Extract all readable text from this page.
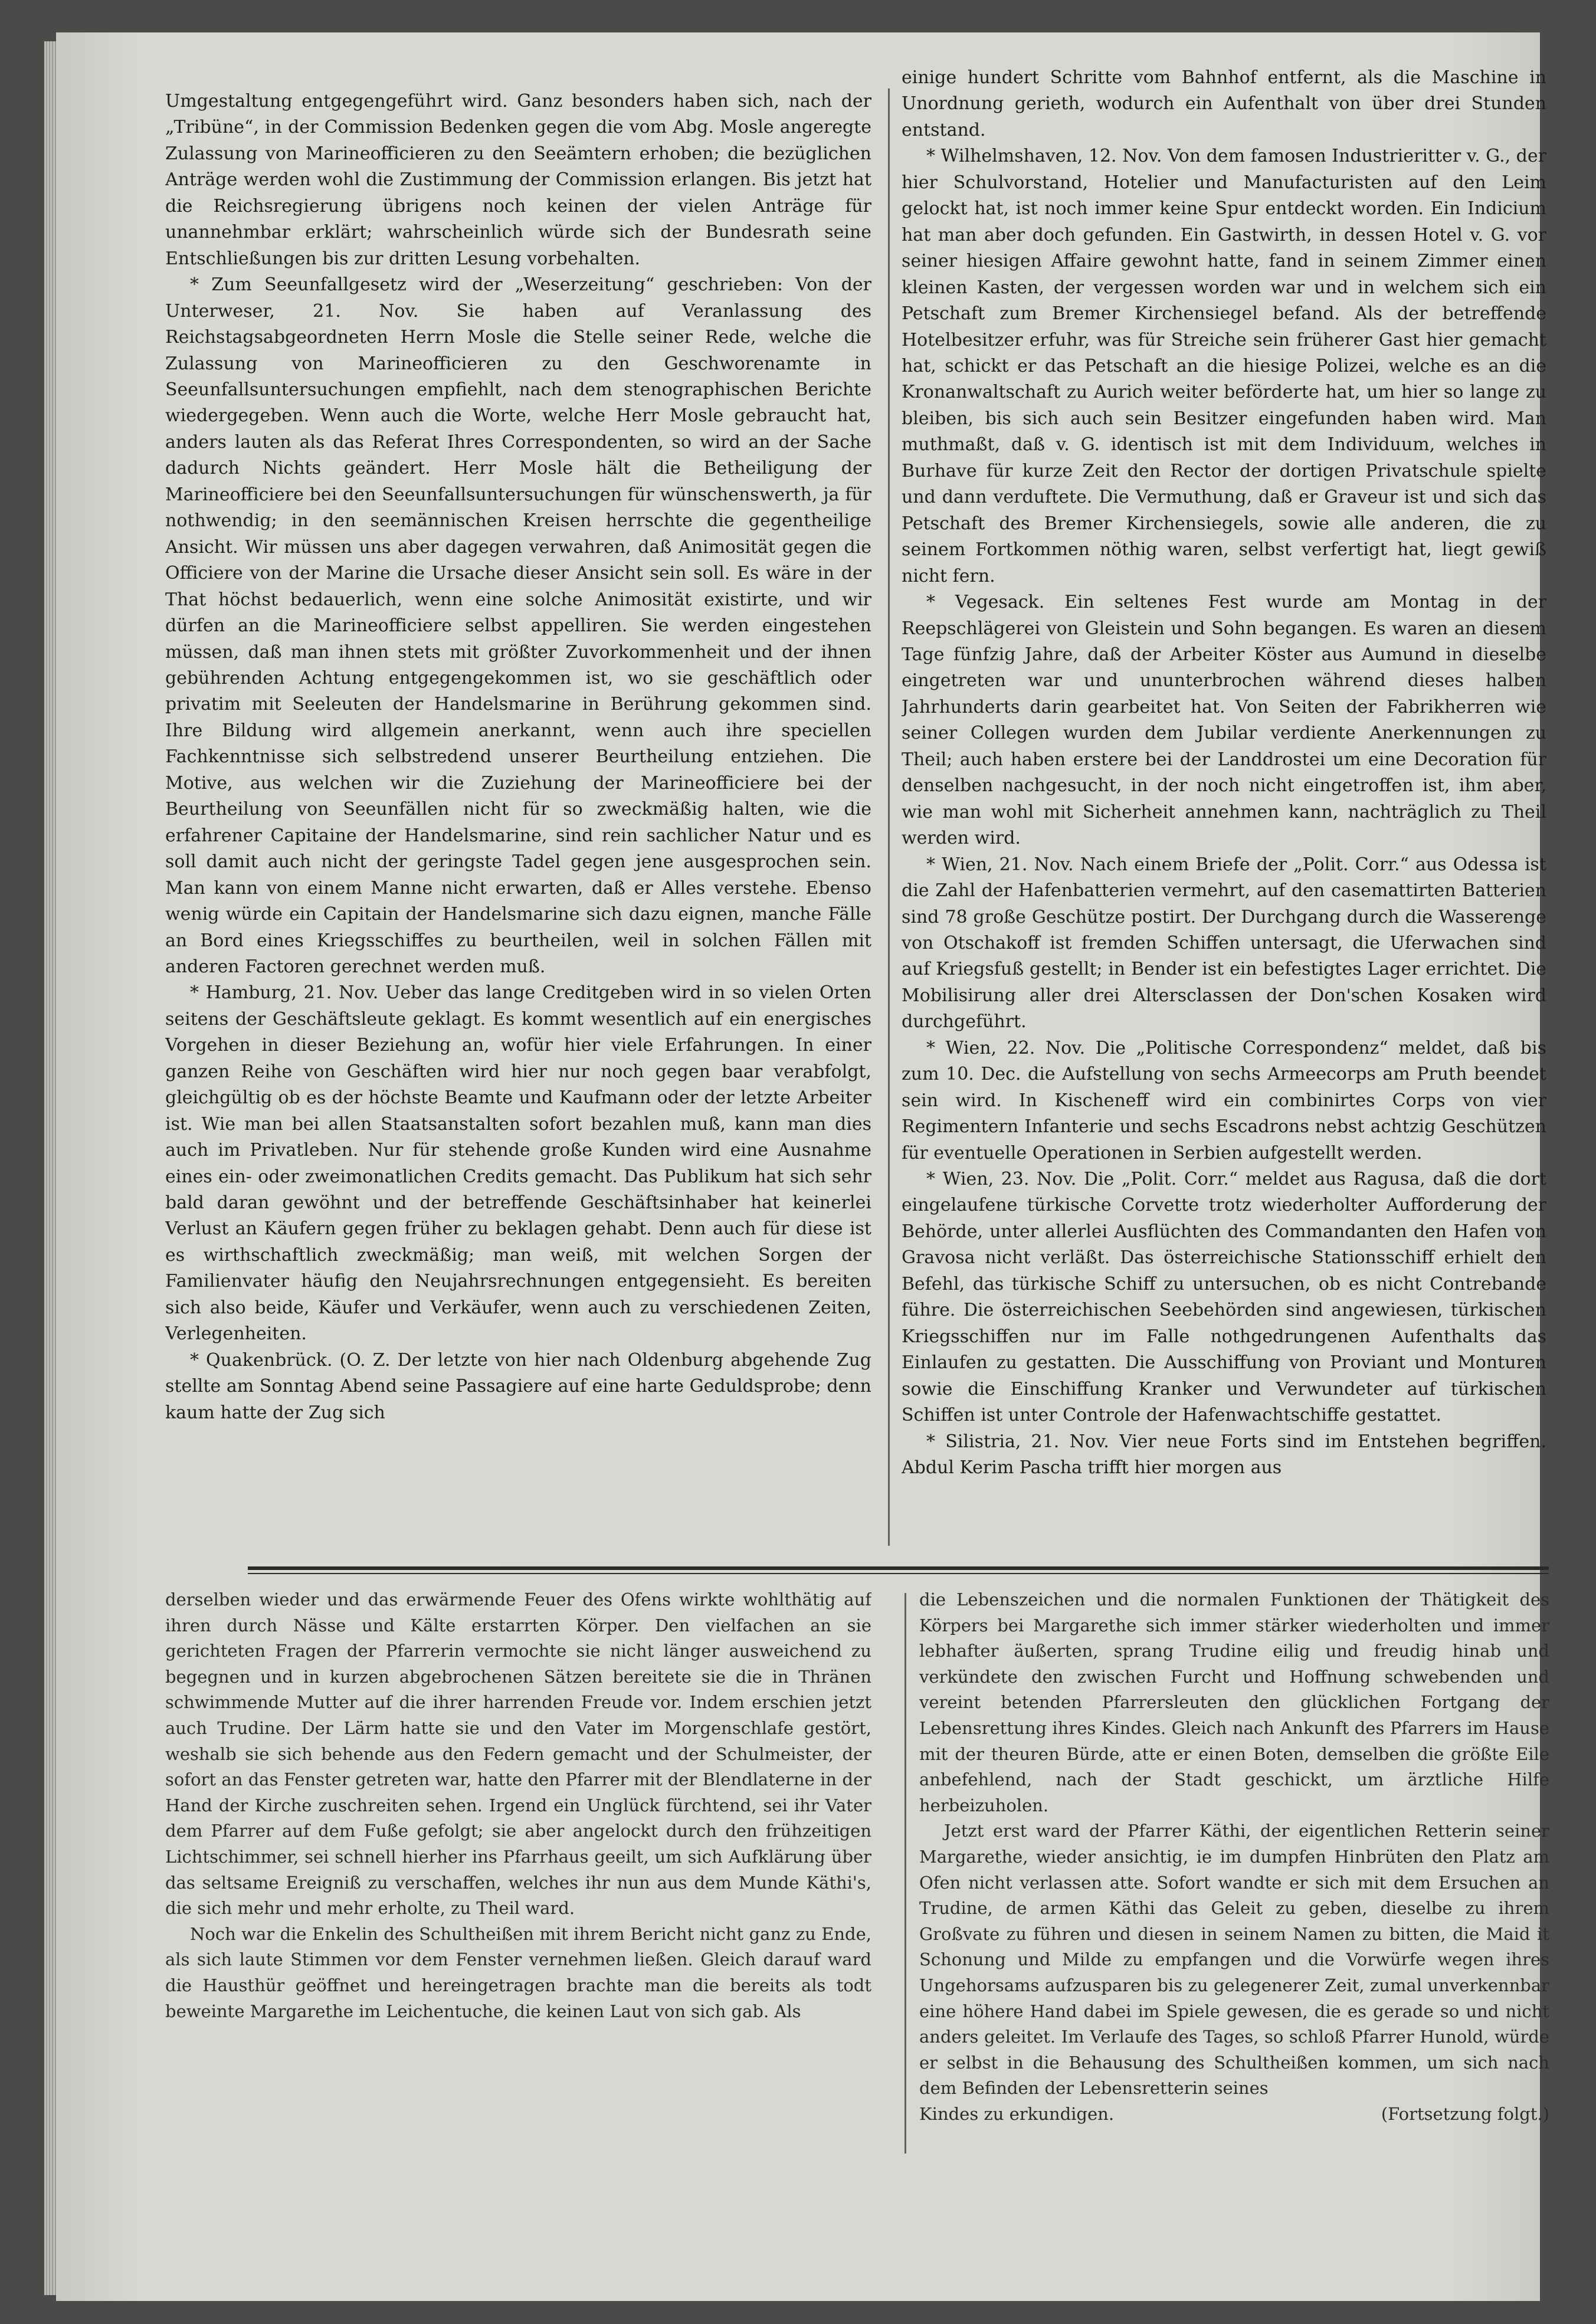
Umgestaltung entgegengeführt wird. Ganz besonders haben sich, nach der „Tribüne“, in der Commission Bedenken gegen die vom Abg. Mosle angeregte Zulassung von Marineofficieren zu den Seeämtern erhoben; die bezüglichen Anträge werden wohl die Zustimmung der Commission erlangen. Bis jetzt hat die Reichsregierung übrigens noch keinen der vielen Anträge für unannehmbar erklärt; wahrscheinlich würde sich der Bundesrath seine Entschließungen bis zur dritten Lesung vorbehalten.

* Zum Seeunfallgesetz wird der „Weserzeitung“ geschrieben: Von der Unterweser, 21. Nov. Sie haben auf Veranlassung des Reichstagsabgeordneten Herrn Mosle die Stelle seiner Rede, welche die Zulassung von Marineofficieren zu den Geschworenamte in Seeunfallsuntersuchungen empfiehlt, nach dem stenographischen Berichte wiedergegeben. Wenn auch die Worte, welche Herr Mosle gebraucht hat, anders lauten als das Referat Ihres Correspondenten, so wird an der Sache dadurch Nichts geändert. Herr Mosle hält die Betheiligung der Marineofficiere bei den Seeunfallsuntersuchungen für wünschenswerth, ja für nothwendig; in den seemännischen Kreisen herrschte die gegentheilige Ansicht. Wir müssen uns aber dagegen verwahren, daß Animosität gegen die Officiere von der Marine die Ursache dieser Ansicht sein soll. Es wäre in der That höchst bedauerlich, wenn eine solche Animosität existirte, und wir dürfen an die Marineofficiere selbst appelliren. Sie werden eingestehen müssen, daß man ihnen stets mit größter Zuvorkommenheit und der ihnen gebührenden Achtung entgegengekommen ist, wo sie geschäftlich oder privatim mit Seeleuten der Handelsmarine in Berührung gekommen sind. Ihre Bildung wird allgemein anerkannt, wenn auch ihre speciellen Fachkenntnisse sich selbstredend unserer Beurtheilung entziehen. Die Motive, aus welchen wir die Zuziehung der Marineofficiere bei der Beurtheilung von Seeunfällen nicht für so zweckmäßig halten, wie die erfahrener Capitaine der Handelsmarine, sind rein sachlicher Natur und es soll damit auch nicht der geringste Tadel gegen jene ausgesprochen sein. Man kann von einem Manne nicht erwarten, daß er Alles verstehe. Ebenso wenig würde ein Capitain der Handelsmarine sich dazu eignen, manche Fälle an Bord eines Kriegsschiffes zu beurtheilen, weil in solchen Fällen mit anderen Factoren gerechnet werden muß.

* Hamburg, 21. Nov. Ueber das lange Creditgeben wird in so vielen Orten seitens der Geschäftsleute geklagt. Es kommt wesentlich auf ein energisches Vorgehen in dieser Beziehung an, wofür hier viele Erfahrungen. In einer ganzen Reihe von Geschäften wird hier nur noch gegen baar verabfolgt, gleichgültig ob es der höchste Beamte und Kaufmann oder der letzte Arbeiter ist. Wie man bei allen Staatsanstalten sofort bezahlen muß, kann man dies auch im Privatleben. Nur für stehende große Kunden wird eine Ausnahme eines ein- oder zweimonatlichen Credits gemacht. Das Publikum hat sich sehr bald daran gewöhnt und der betreffende Geschäftsinhaber hat keinerlei Verlust an Käufern gegen früher zu beklagen gehabt. Denn auch für diese ist es wirthschaftlich zweckmäßig; man weiß, mit welchen Sorgen der Familienvater häufig den Neujahrsrechnungen entgegensieht. Es bereiten sich also beide, Käufer und Verkäufer, wenn auch zu verschiedenen Zeiten, Verlegenheiten.

* Quakenbrück. (O. Z. Der letzte von hier nach Oldenburg abgehende Zug stellte am Sonntag Abend seine Passagiere auf eine harte Geduldsprobe; denn kaum hatte der Zug sich

einige hundert Schritte vom Bahnhof entfernt, als die Maschine in Unordnung gerieth, wodurch ein Aufenthalt von über drei Stunden entstand.

* Wilhelmshaven, 12. Nov. Von dem famosen Industrieritter v. G., der hier Schulvorstand, Hotelier und Manufacturisten auf den Leim gelockt hat, ist noch immer keine Spur entdeckt worden. Ein Indicium hat man aber doch gefunden. Ein Gastwirth, in dessen Hotel v. G. vor seiner hiesigen Affaire gewohnt hatte, fand in seinem Zimmer einen kleinen Kasten, der vergessen worden war und in welchem sich ein Petschaft zum Bremer Kirchensiegel befand. Als der betreffende Hotelbesitzer erfuhr, was für Streiche sein früherer Gast hier gemacht hat, schickt er das Petschaft an die hiesige Polizei, welche es an die Kronanwaltschaft zu Aurich weiter beförderte hat, um hier so lange zu bleiben, bis sich auch sein Besitzer eingefunden haben wird. Man muthmaßt, daß v. G. identisch ist mit dem Individuum, welches in Burhave für kurze Zeit den Rector der dortigen Privatschule spielte und dann verduftete. Die Vermuthung, daß er Graveur ist und sich das Petschaft des Bremer Kirchensiegels, sowie alle anderen, die zu seinem Fortkommen nöthig waren, selbst verfertigt hat, liegt gewiß nicht fern.

* Vegesack. Ein seltenes Fest wurde am Montag in der Reepschlägerei von Gleistein und Sohn begangen. Es waren an diesem Tage fünfzig Jahre, daß der Arbeiter Köster aus Aumund in dieselbe eingetreten war und ununterbrochen während dieses halben Jahrhunderts darin gearbeitet hat. Von Seiten der Fabrikherren wie seiner Collegen wurden dem Jubilar verdiente Anerkennungen zu Theil; auch haben erstere bei der Landdrostei um eine Decoration für denselben nachgesucht, in der noch nicht eingetroffen ist, ihm aber, wie man wohl mit Sicherheit annehmen kann, nachträglich zu Theil werden wird.

* Wien, 21. Nov. Nach einem Briefe der „Polit. Corr.“ aus Odessa ist die Zahl der Hafenbatterien vermehrt, auf den casemattirten Batterien sind 78 große Geschütze postirt. Der Durchgang durch die Wasserenge von Otschakoff ist fremden Schiffen untersagt, die Uferwachen sind auf Kriegsfuß gestellt; in Bender ist ein befestigtes Lager errichtet. Die Mobilisirung aller drei Altersclassen der Don'schen Kosaken wird durchgeführt.

* Wien, 22. Nov. Die „Politische Correspondenz“ meldet, daß bis zum 10. Dec. die Aufstellung von sechs Armeecorps am Pruth beendet sein wird. In Kischeneff wird ein combinirtes Corps von vier Regimentern Infanterie und sechs Escadrons nebst achtzig Geschützen für eventuelle Operationen in Serbien aufgestellt werden.

* Wien, 23. Nov. Die „Polit. Corr.“ meldet aus Ragusa, daß die dort eingelaufene türkische Corvette trotz wiederholter Aufforderung der Behörde, unter allerlei Ausflüchten des Commandanten den Hafen von Gravosa nicht verläßt. Das österreichische Stationsschiff erhielt den Befehl, das türkische Schiff zu untersuchen, ob es nicht Contrebande führe. Die österreichischen Seebehörden sind angewiesen, türkischen Kriegsschiffen nur im Falle nothgedrungenen Aufenthalts das Einlaufen zu gestatten. Die Ausschiffung von Proviant und Monturen sowie die Einschiffung Kranker und Verwundeter auf türkischen Schiffen ist unter Controle der Hafenwachtschiffe gestattet.

* Silistria, 21. Nov. Vier neue Forts sind im Entstehen begriffen. Abdul Kerim Pascha trifft hier morgen aus

derselben wieder und das erwärmende Feuer des Ofens wirkte wohlthätig auf ihren durch Nässe und Kälte erstarrten Körper. Den vielfachen an sie gerichteten Fragen der Pfarrerin vermochte sie nicht länger ausweichend zu begegnen und in kurzen abgebrochenen Sätzen bereitete sie die in Thränen schwimmende Mutter auf die ihrer harrenden Freude vor. Indem erschien jetzt auch Trudine. Der Lärm hatte sie und den Vater im Morgenschlafe gestört, weshalb sie sich behende aus den Federn gemacht und der Schulmeister, der sofort an das Fenster getreten war, hatte den Pfarrer mit der Blendlaterne in der Hand der Kirche zuschreiten sehen. Irgend ein Unglück fürchtend, sei ihr Vater dem Pfarrer auf dem Fuße gefolgt; sie aber angelockt durch den frühzeitigen Lichtschimmer, sei schnell hierher ins Pfarrhaus geeilt, um sich Aufklärung über das seltsame Ereigniß zu verschaffen, welches ihr nun aus dem Munde Käthi's, die sich mehr und mehr erholte, zu Theil ward.

Noch war die Enkelin des Schultheißen mit ihrem Bericht nicht ganz zu Ende, als sich laute Stimmen vor dem Fenster vernehmen ließen. Gleich darauf ward die Hausthür geöffnet und hereingetragen brachte man die bereits als todt beweinte Margarethe im Leichentuche, die keinen Laut von sich gab. Als

die Lebenszeichen und die normalen Funktionen der Thätigkeit des Körpers bei Margarethe sich immer stärker wiederholten und immer lebhafter äußerten, sprang Trudine eilig und freudig hinab und verkündete den zwischen Furcht und Hoffnung schwebenden und vereint betenden Pfarrersleuten den glücklichen Fortgang der Lebensrettung ihres Kindes. Gleich nach Ankunft des Pfarrers im Hause mit der theuren Bürde, atte er einen Boten, demselben die größte Eile anbefehlend, nach der Stadt geschickt, um ärztliche Hilfe herbeizuholen.

Jetzt erst ward der Pfarrer Käthi, der eigentlichen Retterin seiner Margarethe, wieder ansichtig, ie im dumpfen Hinbrüten den Platz am Ofen nicht verlassen atte. Sofort wandte er sich mit dem Ersuchen an Trudine, de armen Käthi das Geleit zu geben, dieselbe zu ihrem Großvate zu führen und diesen in seinem Namen zu bitten, die Maid it Schonung und Milde zu empfangen und die Vorwürfe wegen ihres Ungehorsams aufzusparen bis zu gelegenerer Zeit, zumal unverkennbar eine höhere Hand dabei im Spiele gewesen, die es gerade so und nicht anders geleitet. Im Verlaufe des Tages, so schloß Pfarrer Hunold, würde er selbst in die Behausung des Schultheißen kommen, um sich nach dem Befinden der Lebensretterin seines

Kindes zu erkundigen.	(Fortsetzung folgt.)
